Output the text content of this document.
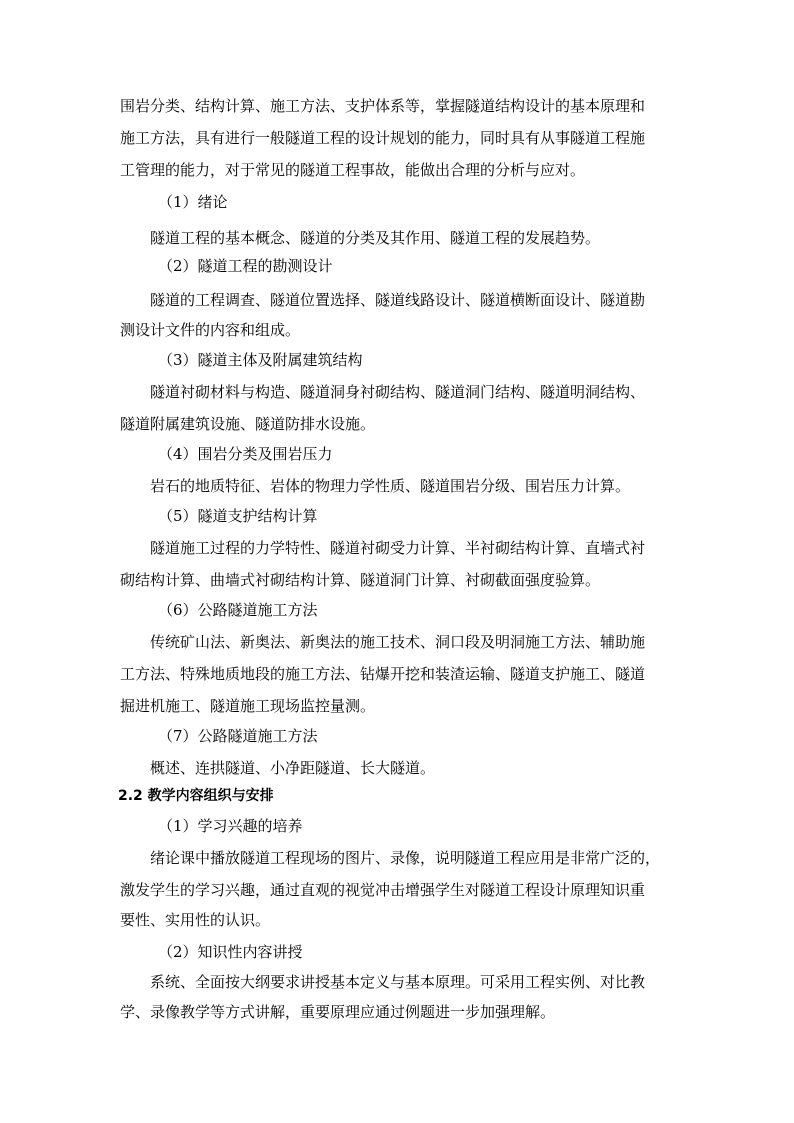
围岩分类、结构计算、施工方法、支护体系等，掌握隧道结构设计的基本原理和
施工方法，具有进行一般隧道工程的设计规划的能力，同时具有从事隧道工程施
工管理的能力，对于常见的隧道工程事故，能做出合理的分析与应对。
（1）绪论
隧道工程的基本概念、隧道的分类及其作用、隧道工程的发展趋势。
（2）隧道工程的勘测设计
隧道的工程调查、隧道位置选择、隧道线路设计、隧道横断面设计、隧道勘
测设计文件的内容和组成。
（3）隧道主体及附属建筑结构
隧道衬砌材料与构造、隧道洞身衬砌结构、隧道洞门结构、隧道明洞结构、
隧道附属建筑设施、隧道防排水设施。
（4）围岩分类及围岩压力
岩石的地质特征、岩体的物理力学性质、隧道围岩分级、围岩压力计算。
（5）隧道支护结构计算
隧道施工过程的力学特性、隧道衬砌受力计算、半衬砌结构计算、直墙式衬
砌结构计算、曲墙式衬砌结构计算、隧道洞门计算、衬砌截面强度验算。
（6）公路隧道施工方法
传统矿山法、新奥法、新奥法的施工技术、洞口段及明洞施工方法、辅助施
工方法、特殊地质地段的施工方法、钻爆开挖和装渣运输、隧道支护施工、隧道
掘进机施工、隧道施工现场监控量测。
（7）公路隧道施工方法
概述、连拱隧道、小净距隧道、长大隧道。
2.2 教学内容组织与安排
（1）学习兴趣的培养
绪论课中播放隧道工程现场的图片、录像，说明隧道工程应用是非常广泛的，
激发学生的学习兴趣，通过直观的视觉冲击增强学生对隧道工程设计原理知识重
要性、实用性的认识。
（2）知识性内容讲授
系统、全面按大纲要求讲授基本定义与基本原理。可采用工程实例、对比教
学、录像教学等方式讲解，重要原理应通过例题进一步加强理解。
